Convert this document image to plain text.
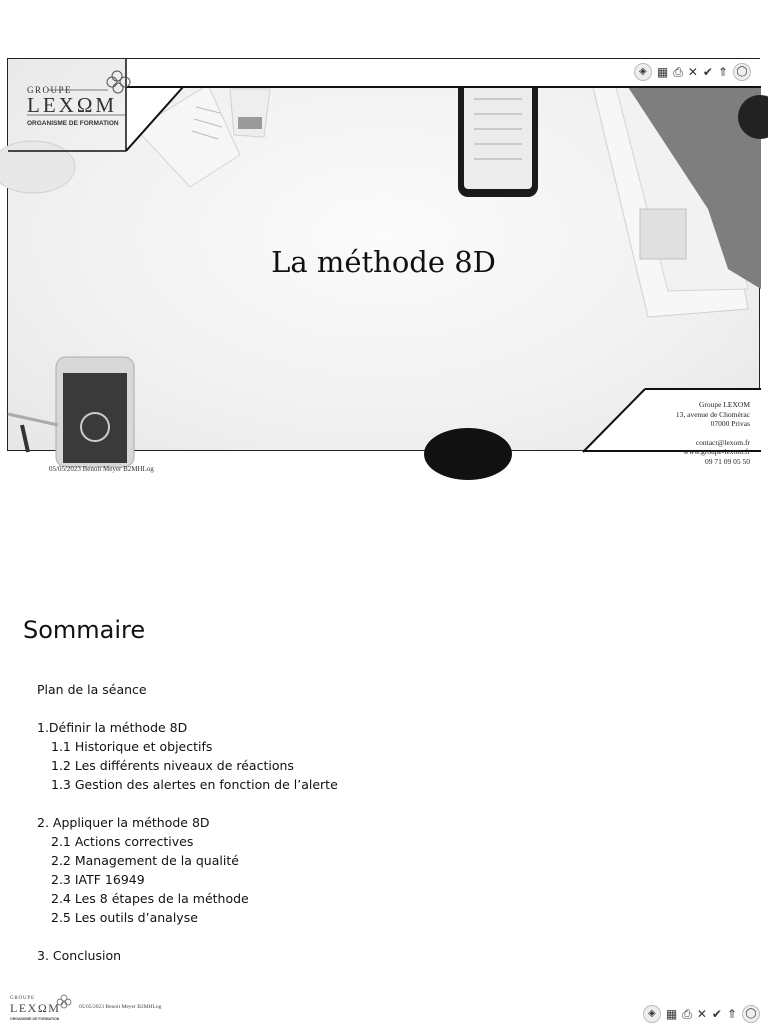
GROUPE
LEXΩM
ORGANISME DE FORMATION
◈ ▦ ⎙ ✕ ✔ ⇑ ◯
La méthode 8D
Groupe LEXOM
13, avenue de Chomérac
07000 Privas
contact@lexom.fr
www.groupe-lexom.fr
09 71 09 05 50
05/05/2023 Benoit Meyer B2MHLog
Sommaire
Plan de la séance
1.Définir la méthode 8D
1.1 Historique et objectifs
1.2 Les différents niveaux de réactions
1.3 Gestion des alertes en fonction de l’alerte
2. Appliquer la méthode 8D
2.1 Actions correctives
2.2 Management de la qualité
2.3 IATF 16949
2.4 Les 8 étapes de la méthode
2.5 Les outils d’analyse
3. Conclusion
GROUPE
LEXΩM
ORGANISME DE FORMATION
05/05/2023 Benoit Meyer B2MHLog
◈ ▦ ⎙ ✕ ✔ ⇑ ◯
